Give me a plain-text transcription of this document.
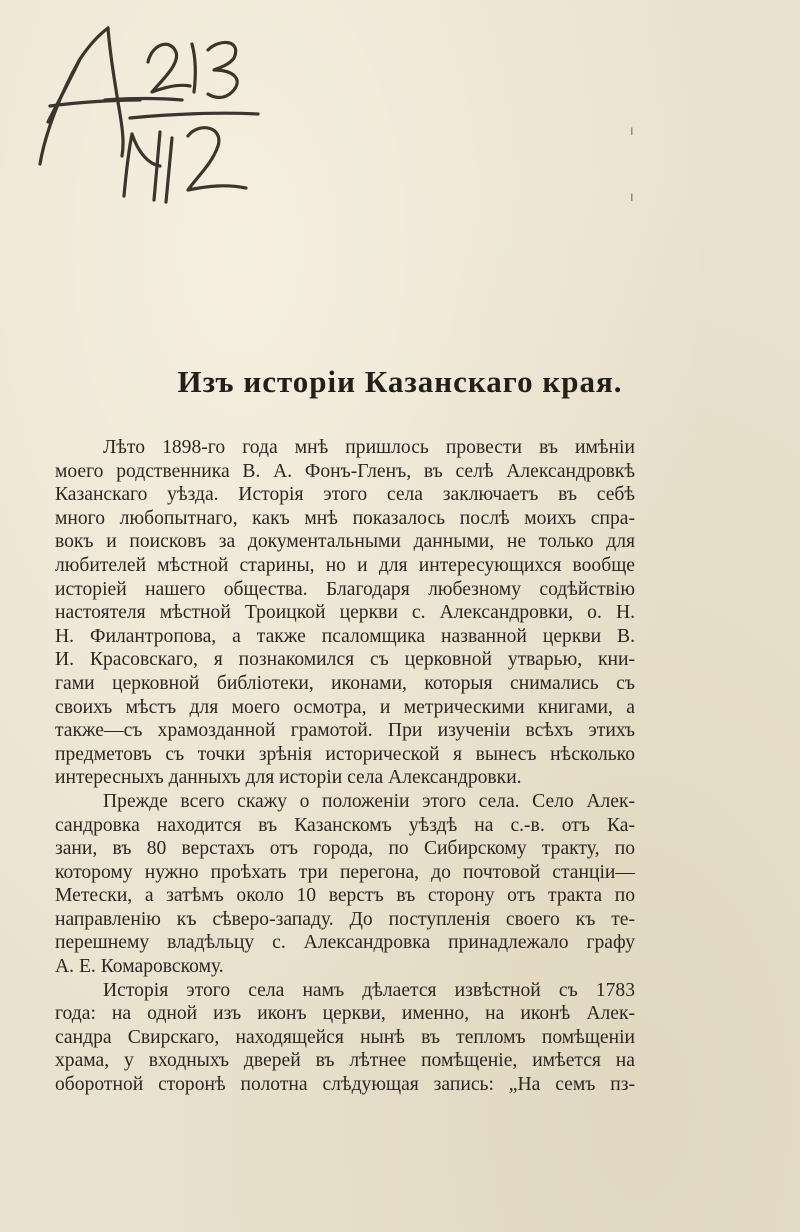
ı
ı
Изъ исторіи Казанскаго края.
Лѣто 1898-го года мнѣ пришлось провести въ имѣніи
моего родственника В. А. Фонъ-Гленъ, въ селѣ Александровкѣ
Казанскаго уѣзда. Исторія этого села заключаетъ въ себѣ
много любопытнаго, какъ мнѣ показалось послѣ моихъ спра-
вокъ и поисковъ за документальными данными, не только для
любителей мѣстной старины, но и для интересующихся вообще
исторіей нашего общества. Благодаря любезному содѣйствію
настоятеля мѣстной Троицкой церкви с. Александровки, о. Н.
Н. Филантропова, а также псаломщика названной церкви В.
И. Красовскаго, я познакомился съ церковной утварью, кни-
гами церковной библіотеки, иконами, которыя снимались съ
своихъ мѣстъ для моего осмотра, и метрическими книгами, а
также—съ храмозданной грамотой. При изученіи всѣхъ этихъ
предметовъ съ точки зрѣнія исторической я вынесъ нѣсколько
интересныхъ данныхъ для исторіи села Александровки.
Прежде всего скажу о положеніи этого села. Село Алек-
сандровка находится въ Казанскомъ уѣздѣ на с.-в. отъ Ка-
зани, въ 80 верстахъ отъ города, по Сибирскому тракту, по
которому нужно проѣхать три перегона, до почтовой станціи—
Метески, а затѣмъ около 10 верстъ въ сторону отъ тракта по
направленію къ сѣверо-западу. До поступленія своего къ те-
перешнему владѣльцу с. Александровка принадлежало графу
А. Е. Комаровскому.
Исторія этого села намъ дѣлается извѣстной съ 1783
года: на одной изъ иконъ церкви, именно, на иконѣ Алек-
сандра Свирскаго, находящейся нынѣ въ тепломъ помѣщеніи
храма, у входныхъ дверей въ лѣтнее помѣщеніе, имѣется на
оборотной сторонѣ полотна слѣдующая запись: „На семъ пз-
